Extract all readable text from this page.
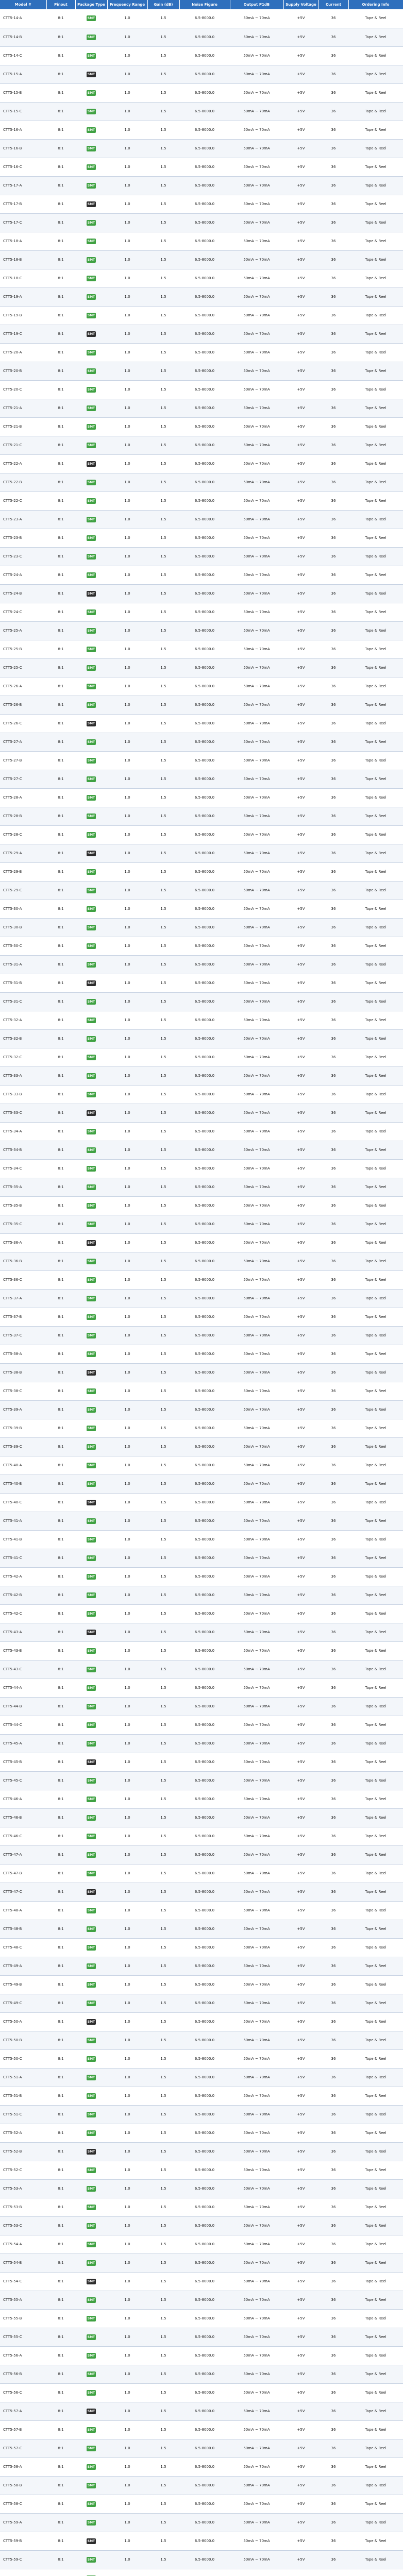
Model #	Pinout	Package Type	Frequency Range	Gain (dB)	Noise Figure	Output P1dB	Supply Voltage	Current	Ordering Info
CTT5-14-A	8:1	SMT	1.0	1.5	6.5-8000.0	50mA ~ 70mA	+5V	36	Tape & Reel
CTT5-14-B	8:1	SMT	1.0	1.5	6.5-8000.0	50mA ~ 70mA	+5V	36	Tape & Reel
CTT5-14-C	8:1	SMT	1.0	1.5	6.5-8000.0	50mA ~ 70mA	+5V	36	Tape & Reel
CTT5-15-A	8:1	SMT	1.0	1.5	6.5-8000.0	50mA ~ 70mA	+5V	36	Tape & Reel
CTT5-15-B	8:1	SMT	1.0	1.5	6.5-8000.0	50mA ~ 70mA	+5V	36	Tape & Reel
CTT5-15-C	8:1	SMT	1.0	1.5	6.5-8000.0	50mA ~ 70mA	+5V	36	Tape & Reel
CTT5-16-A	8:1	SMT	1.0	1.5	6.5-8000.0	50mA ~ 70mA	+5V	36	Tape & Reel
CTT5-16-B	8:1	SMT	1.0	1.5	6.5-8000.0	50mA ~ 70mA	+5V	36	Tape & Reel
CTT5-16-C	8:1	SMT	1.0	1.5	6.5-8000.0	50mA ~ 70mA	+5V	36	Tape & Reel
CTT5-17-A	8:1	SMT	1.0	1.5	6.5-8000.0	50mA ~ 70mA	+5V	36	Tape & Reel
CTT5-17-B	8:1	SMT	1.0	1.5	6.5-8000.0	50mA ~ 70mA	+5V	36	Tape & Reel
CTT5-17-C	8:1	SMT	1.0	1.5	6.5-8000.0	50mA ~ 70mA	+5V	36	Tape & Reel
CTT5-18-A	8:1	SMT	1.0	1.5	6.5-8000.0	50mA ~ 70mA	+5V	36	Tape & Reel
CTT5-18-B	8:1	SMT	1.0	1.5	6.5-8000.0	50mA ~ 70mA	+5V	36	Tape & Reel
CTT5-18-C	8:1	SMT	1.0	1.5	6.5-8000.0	50mA ~ 70mA	+5V	36	Tape & Reel
CTT5-19-A	8:1	SMT	1.0	1.5	6.5-8000.0	50mA ~ 70mA	+5V	36	Tape & Reel
CTT5-19-B	8:1	SMT	1.0	1.5	6.5-8000.0	50mA ~ 70mA	+5V	36	Tape & Reel
CTT5-19-C	8:1	SMT	1.0	1.5	6.5-8000.0	50mA ~ 70mA	+5V	36	Tape & Reel
CTT5-20-A	8:1	SMT	1.0	1.5	6.5-8000.0	50mA ~ 70mA	+5V	36	Tape & Reel
CTT5-20-B	8:1	SMT	1.0	1.5	6.5-8000.0	50mA ~ 70mA	+5V	36	Tape & Reel
CTT5-20-C	8:1	SMT	1.0	1.5	6.5-8000.0	50mA ~ 70mA	+5V	36	Tape & Reel
CTT5-21-A	8:1	SMT	1.0	1.5	6.5-8000.0	50mA ~ 70mA	+5V	36	Tape & Reel
CTT5-21-B	8:1	SMT	1.0	1.5	6.5-8000.0	50mA ~ 70mA	+5V	36	Tape & Reel
CTT5-21-C	8:1	SMT	1.0	1.5	6.5-8000.0	50mA ~ 70mA	+5V	36	Tape & Reel
CTT5-22-A	8:1	SMT	1.0	1.5	6.5-8000.0	50mA ~ 70mA	+5V	36	Tape & Reel
CTT5-22-B	8:1	SMT	1.0	1.5	6.5-8000.0	50mA ~ 70mA	+5V	36	Tape & Reel
CTT5-22-C	8:1	SMT	1.0	1.5	6.5-8000.0	50mA ~ 70mA	+5V	36	Tape & Reel
CTT5-23-A	8:1	SMT	1.0	1.5	6.5-8000.0	50mA ~ 70mA	+5V	36	Tape & Reel
CTT5-23-B	8:1	SMT	1.0	1.5	6.5-8000.0	50mA ~ 70mA	+5V	36	Tape & Reel
CTT5-23-C	8:1	SMT	1.0	1.5	6.5-8000.0	50mA ~ 70mA	+5V	36	Tape & Reel
CTT5-24-A	8:1	SMT	1.0	1.5	6.5-8000.0	50mA ~ 70mA	+5V	36	Tape & Reel
CTT5-24-B	8:1	SMT	1.0	1.5	6.5-8000.0	50mA ~ 70mA	+5V	36	Tape & Reel
CTT5-24-C	8:1	SMT	1.0	1.5	6.5-8000.0	50mA ~ 70mA	+5V	36	Tape & Reel
CTT5-25-A	8:1	SMT	1.0	1.5	6.5-8000.0	50mA ~ 70mA	+5V	36	Tape & Reel
CTT5-25-B	8:1	SMT	1.0	1.5	6.5-8000.0	50mA ~ 70mA	+5V	36	Tape & Reel
CTT5-25-C	8:1	SMT	1.0	1.5	6.5-8000.0	50mA ~ 70mA	+5V	36	Tape & Reel
CTT5-26-A	8:1	SMT	1.0	1.5	6.5-8000.0	50mA ~ 70mA	+5V	36	Tape & Reel
CTT5-26-B	8:1	SMT	1.0	1.5	6.5-8000.0	50mA ~ 70mA	+5V	36	Tape & Reel
CTT5-26-C	8:1	SMT	1.0	1.5	6.5-8000.0	50mA ~ 70mA	+5V	36	Tape & Reel
CTT5-27-A	8:1	SMT	1.0	1.5	6.5-8000.0	50mA ~ 70mA	+5V	36	Tape & Reel
CTT5-27-B	8:1	SMT	1.0	1.5	6.5-8000.0	50mA ~ 70mA	+5V	36	Tape & Reel
CTT5-27-C	8:1	SMT	1.0	1.5	6.5-8000.0	50mA ~ 70mA	+5V	36	Tape & Reel
CTT5-28-A	8:1	SMT	1.0	1.5	6.5-8000.0	50mA ~ 70mA	+5V	36	Tape & Reel
CTT5-28-B	8:1	SMT	1.0	1.5	6.5-8000.0	50mA ~ 70mA	+5V	36	Tape & Reel
CTT5-28-C	8:1	SMT	1.0	1.5	6.5-8000.0	50mA ~ 70mA	+5V	36	Tape & Reel
CTT5-29-A	8:1	SMT	1.0	1.5	6.5-8000.0	50mA ~ 70mA	+5V	36	Tape & Reel
CTT5-29-B	8:1	SMT	1.0	1.5	6.5-8000.0	50mA ~ 70mA	+5V	36	Tape & Reel
CTT5-29-C	8:1	SMT	1.0	1.5	6.5-8000.0	50mA ~ 70mA	+5V	36	Tape & Reel
CTT5-30-A	8:1	SMT	1.0	1.5	6.5-8000.0	50mA ~ 70mA	+5V	36	Tape & Reel
CTT5-30-B	8:1	SMT	1.0	1.5	6.5-8000.0	50mA ~ 70mA	+5V	36	Tape & Reel
CTT5-30-C	8:1	SMT	1.0	1.5	6.5-8000.0	50mA ~ 70mA	+5V	36	Tape & Reel
CTT5-31-A	8:1	SMT	1.0	1.5	6.5-8000.0	50mA ~ 70mA	+5V	36	Tape & Reel
CTT5-31-B	8:1	SMT	1.0	1.5	6.5-8000.0	50mA ~ 70mA	+5V	36	Tape & Reel
CTT5-31-C	8:1	SMT	1.0	1.5	6.5-8000.0	50mA ~ 70mA	+5V	36	Tape & Reel
CTT5-32-A	8:1	SMT	1.0	1.5	6.5-8000.0	50mA ~ 70mA	+5V	36	Tape & Reel
CTT5-32-B	8:1	SMT	1.0	1.5	6.5-8000.0	50mA ~ 70mA	+5V	36	Tape & Reel
CTT5-32-C	8:1	SMT	1.0	1.5	6.5-8000.0	50mA ~ 70mA	+5V	36	Tape & Reel
CTT5-33-A	8:1	SMT	1.0	1.5	6.5-8000.0	50mA ~ 70mA	+5V	36	Tape & Reel
CTT5-33-B	8:1	SMT	1.0	1.5	6.5-8000.0	50mA ~ 70mA	+5V	36	Tape & Reel
CTT5-33-C	8:1	SMT	1.0	1.5	6.5-8000.0	50mA ~ 70mA	+5V	36	Tape & Reel
CTT5-34-A	8:1	SMT	1.0	1.5	6.5-8000.0	50mA ~ 70mA	+5V	36	Tape & Reel
CTT5-34-B	8:1	SMT	1.0	1.5	6.5-8000.0	50mA ~ 70mA	+5V	36	Tape & Reel
CTT5-34-C	8:1	SMT	1.0	1.5	6.5-8000.0	50mA ~ 70mA	+5V	36	Tape & Reel
CTT5-35-A	8:1	SMT	1.0	1.5	6.5-8000.0	50mA ~ 70mA	+5V	36	Tape & Reel
CTT5-35-B	8:1	SMT	1.0	1.5	6.5-8000.0	50mA ~ 70mA	+5V	36	Tape & Reel
CTT5-35-C	8:1	SMT	1.0	1.5	6.5-8000.0	50mA ~ 70mA	+5V	36	Tape & Reel
CTT5-36-A	8:1	SMT	1.0	1.5	6.5-8000.0	50mA ~ 70mA	+5V	36	Tape & Reel
CTT5-36-B	8:1	SMT	1.0	1.5	6.5-8000.0	50mA ~ 70mA	+5V	36	Tape & Reel
CTT5-36-C	8:1	SMT	1.0	1.5	6.5-8000.0	50mA ~ 70mA	+5V	36	Tape & Reel
CTT5-37-A	8:1	SMT	1.0	1.5	6.5-8000.0	50mA ~ 70mA	+5V	36	Tape & Reel
CTT5-37-B	8:1	SMT	1.0	1.5	6.5-8000.0	50mA ~ 70mA	+5V	36	Tape & Reel
CTT5-37-C	8:1	SMT	1.0	1.5	6.5-8000.0	50mA ~ 70mA	+5V	36	Tape & Reel
CTT5-38-A	8:1	SMT	1.0	1.5	6.5-8000.0	50mA ~ 70mA	+5V	36	Tape & Reel
CTT5-38-B	8:1	SMT	1.0	1.5	6.5-8000.0	50mA ~ 70mA	+5V	36	Tape & Reel
CTT5-38-C	8:1	SMT	1.0	1.5	6.5-8000.0	50mA ~ 70mA	+5V	36	Tape & Reel
CTT5-39-A	8:1	SMT	1.0	1.5	6.5-8000.0	50mA ~ 70mA	+5V	36	Tape & Reel
CTT5-39-B	8:1	SMT	1.0	1.5	6.5-8000.0	50mA ~ 70mA	+5V	36	Tape & Reel
CTT5-39-C	8:1	SMT	1.0	1.5	6.5-8000.0	50mA ~ 70mA	+5V	36	Tape & Reel
CTT5-40-A	8:1	SMT	1.0	1.5	6.5-8000.0	50mA ~ 70mA	+5V	36	Tape & Reel
CTT5-40-B	8:1	SMT	1.0	1.5	6.5-8000.0	50mA ~ 70mA	+5V	36	Tape & Reel
CTT5-40-C	8:1	SMT	1.0	1.5	6.5-8000.0	50mA ~ 70mA	+5V	36	Tape & Reel
CTT5-41-A	8:1	SMT	1.0	1.5	6.5-8000.0	50mA ~ 70mA	+5V	36	Tape & Reel
CTT5-41-B	8:1	SMT	1.0	1.5	6.5-8000.0	50mA ~ 70mA	+5V	36	Tape & Reel
CTT5-41-C	8:1	SMT	1.0	1.5	6.5-8000.0	50mA ~ 70mA	+5V	36	Tape & Reel
CTT5-42-A	8:1	SMT	1.0	1.5	6.5-8000.0	50mA ~ 70mA	+5V	36	Tape & Reel
CTT5-42-B	8:1	SMT	1.0	1.5	6.5-8000.0	50mA ~ 70mA	+5V	36	Tape & Reel
CTT5-42-C	8:1	SMT	1.0	1.5	6.5-8000.0	50mA ~ 70mA	+5V	36	Tape & Reel
CTT5-43-A	8:1	SMT	1.0	1.5	6.5-8000.0	50mA ~ 70mA	+5V	36	Tape & Reel
CTT5-43-B	8:1	SMT	1.0	1.5	6.5-8000.0	50mA ~ 70mA	+5V	36	Tape & Reel
CTT5-43-C	8:1	SMT	1.0	1.5	6.5-8000.0	50mA ~ 70mA	+5V	36	Tape & Reel
CTT5-44-A	8:1	SMT	1.0	1.5	6.5-8000.0	50mA ~ 70mA	+5V	36	Tape & Reel
CTT5-44-B	8:1	SMT	1.0	1.5	6.5-8000.0	50mA ~ 70mA	+5V	36	Tape & Reel
CTT5-44-C	8:1	SMT	1.0	1.5	6.5-8000.0	50mA ~ 70mA	+5V	36	Tape & Reel
CTT5-45-A	8:1	SMT	1.0	1.5	6.5-8000.0	50mA ~ 70mA	+5V	36	Tape & Reel
CTT5-45-B	8:1	SMT	1.0	1.5	6.5-8000.0	50mA ~ 70mA	+5V	36	Tape & Reel
CTT5-45-C	8:1	SMT	1.0	1.5	6.5-8000.0	50mA ~ 70mA	+5V	36	Tape & Reel
CTT5-46-A	8:1	SMT	1.0	1.5	6.5-8000.0	50mA ~ 70mA	+5V	36	Tape & Reel
CTT5-46-B	8:1	SMT	1.0	1.5	6.5-8000.0	50mA ~ 70mA	+5V	36	Tape & Reel
CTT5-46-C	8:1	SMT	1.0	1.5	6.5-8000.0	50mA ~ 70mA	+5V	36	Tape & Reel
CTT5-47-A	8:1	SMT	1.0	1.5	6.5-8000.0	50mA ~ 70mA	+5V	36	Tape & Reel
CTT5-47-B	8:1	SMT	1.0	1.5	6.5-8000.0	50mA ~ 70mA	+5V	36	Tape & Reel
CTT5-47-C	8:1	SMT	1.0	1.5	6.5-8000.0	50mA ~ 70mA	+5V	36	Tape & Reel
CTT5-48-A	8:1	SMT	1.0	1.5	6.5-8000.0	50mA ~ 70mA	+5V	36	Tape & Reel
CTT5-48-B	8:1	SMT	1.0	1.5	6.5-8000.0	50mA ~ 70mA	+5V	36	Tape & Reel
CTT5-48-C	8:1	SMT	1.0	1.5	6.5-8000.0	50mA ~ 70mA	+5V	36	Tape & Reel
CTT5-49-A	8:1	SMT	1.0	1.5	6.5-8000.0	50mA ~ 70mA	+5V	36	Tape & Reel
CTT5-49-B	8:1	SMT	1.0	1.5	6.5-8000.0	50mA ~ 70mA	+5V	36	Tape & Reel
CTT5-49-C	8:1	SMT	1.0	1.5	6.5-8000.0	50mA ~ 70mA	+5V	36	Tape & Reel
CTT5-50-A	8:1	SMT	1.0	1.5	6.5-8000.0	50mA ~ 70mA	+5V	36	Tape & Reel
CTT5-50-B	8:1	SMT	1.0	1.5	6.5-8000.0	50mA ~ 70mA	+5V	36	Tape & Reel
CTT5-50-C	8:1	SMT	1.0	1.5	6.5-8000.0	50mA ~ 70mA	+5V	36	Tape & Reel
CTT5-51-A	8:1	SMT	1.0	1.5	6.5-8000.0	50mA ~ 70mA	+5V	36	Tape & Reel
CTT5-51-B	8:1	SMT	1.0	1.5	6.5-8000.0	50mA ~ 70mA	+5V	36	Tape & Reel
CTT5-51-C	8:1	SMT	1.0	1.5	6.5-8000.0	50mA ~ 70mA	+5V	36	Tape & Reel
CTT5-52-A	8:1	SMT	1.0	1.5	6.5-8000.0	50mA ~ 70mA	+5V	36	Tape & Reel
CTT5-52-B	8:1	SMT	1.0	1.5	6.5-8000.0	50mA ~ 70mA	+5V	36	Tape & Reel
CTT5-52-C	8:1	SMT	1.0	1.5	6.5-8000.0	50mA ~ 70mA	+5V	36	Tape & Reel
CTT5-53-A	8:1	SMT	1.0	1.5	6.5-8000.0	50mA ~ 70mA	+5V	36	Tape & Reel
CTT5-53-B	8:1	SMT	1.0	1.5	6.5-8000.0	50mA ~ 70mA	+5V	36	Tape & Reel
CTT5-53-C	8:1	SMT	1.0	1.5	6.5-8000.0	50mA ~ 70mA	+5V	36	Tape & Reel
CTT5-54-A	8:1	SMT	1.0	1.5	6.5-8000.0	50mA ~ 70mA	+5V	36	Tape & Reel
CTT5-54-B	8:1	SMT	1.0	1.5	6.5-8000.0	50mA ~ 70mA	+5V	36	Tape & Reel
CTT5-54-C	8:1	SMT	1.0	1.5	6.5-8000.0	50mA ~ 70mA	+5V	36	Tape & Reel
CTT5-55-A	8:1	SMT	1.0	1.5	6.5-8000.0	50mA ~ 70mA	+5V	36	Tape & Reel
CTT5-55-B	8:1	SMT	1.0	1.5	6.5-8000.0	50mA ~ 70mA	+5V	36	Tape & Reel
CTT5-55-C	8:1	SMT	1.0	1.5	6.5-8000.0	50mA ~ 70mA	+5V	36	Tape & Reel
CTT5-56-A	8:1	SMT	1.0	1.5	6.5-8000.0	50mA ~ 70mA	+5V	36	Tape & Reel
CTT5-56-B	8:1	SMT	1.0	1.5	6.5-8000.0	50mA ~ 70mA	+5V	36	Tape & Reel
CTT5-56-C	8:1	SMT	1.0	1.5	6.5-8000.0	50mA ~ 70mA	+5V	36	Tape & Reel
CTT5-57-A	8:1	SMT	1.0	1.5	6.5-8000.0	50mA ~ 70mA	+5V	36	Tape & Reel
CTT5-57-B	8:1	SMT	1.0	1.5	6.5-8000.0	50mA ~ 70mA	+5V	36	Tape & Reel
CTT5-57-C	8:1	SMT	1.0	1.5	6.5-8000.0	50mA ~ 70mA	+5V	36	Tape & Reel
CTT5-58-A	8:1	SMT	1.0	1.5	6.5-8000.0	50mA ~ 70mA	+5V	36	Tape & Reel
CTT5-58-B	8:1	SMT	1.0	1.5	6.5-8000.0	50mA ~ 70mA	+5V	36	Tape & Reel
CTT5-58-C	8:1	SMT	1.0	1.5	6.5-8000.0	50mA ~ 70mA	+5V	36	Tape & Reel
CTT5-59-A	8:1	SMT	1.0	1.5	6.5-8000.0	50mA ~ 70mA	+5V	36	Tape & Reel
CTT5-59-B	8:1	SMT	1.0	1.5	6.5-8000.0	50mA ~ 70mA	+5V	36	Tape & Reel
CTT5-59-C	8:1	SMT	1.0	1.5	6.5-8000.0	50mA ~ 70mA	+5V	36	Tape & Reel
